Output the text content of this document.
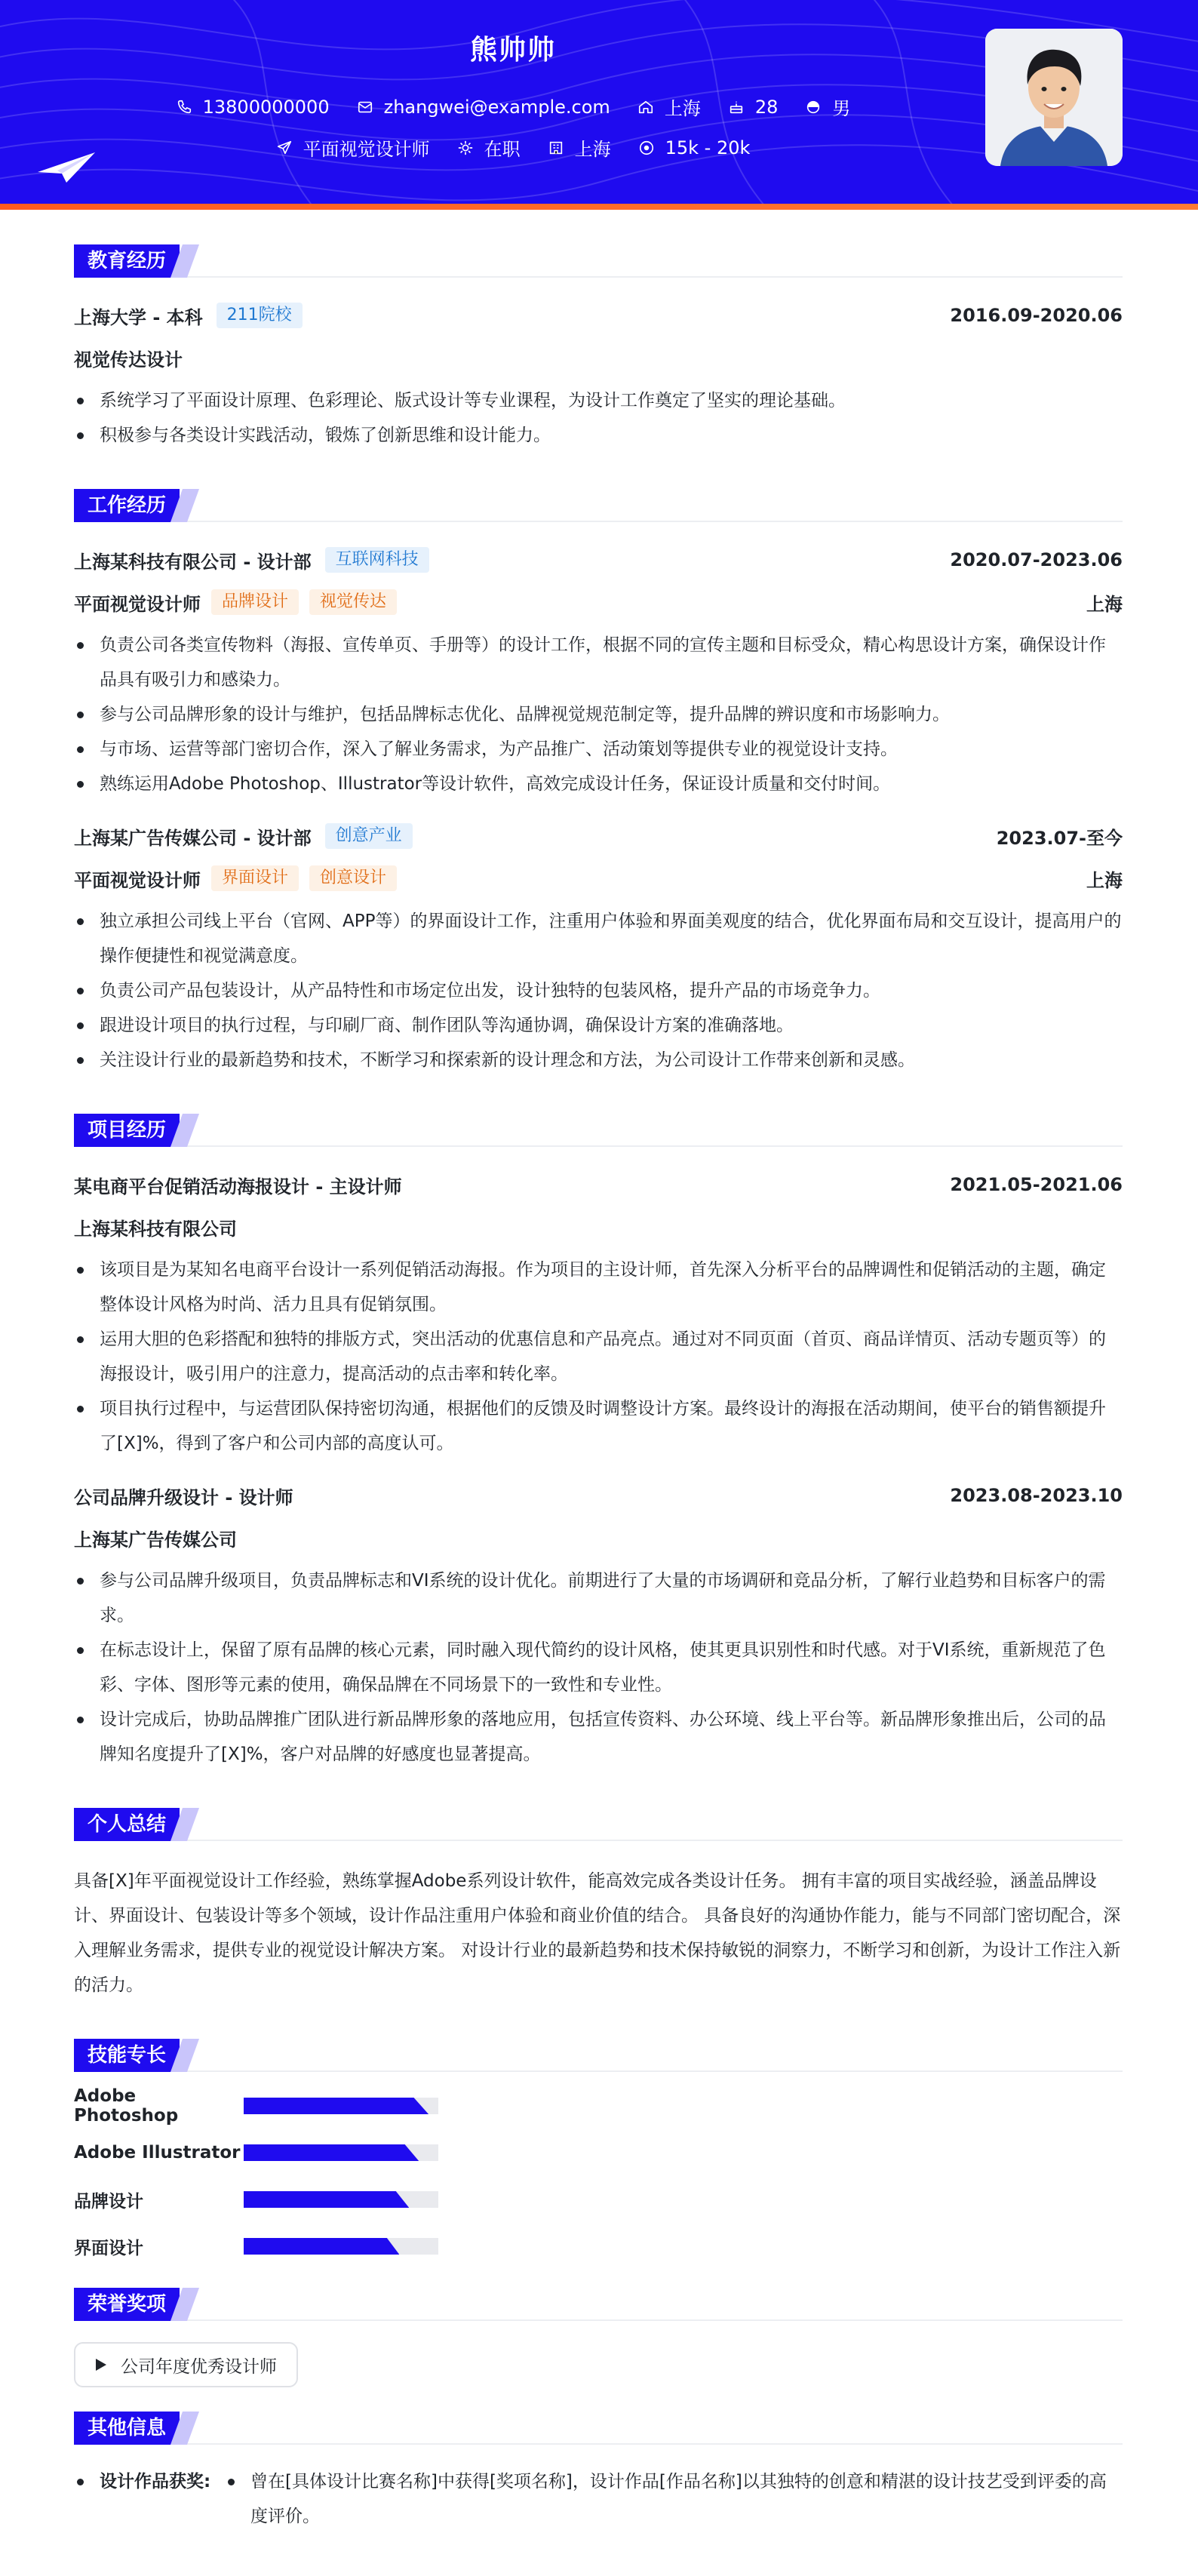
熊帅帅
13800000000	zhangwei@example.com	上海	28	男
平面视觉设计师	在职	上海	15k - 20k
教育经历
上海大学 - 本科	211院校	2016.09-2020.06
视觉传达设计
系统学习了平面设计原理、色彩理论、版式设计等专业课程，为设计工作奠定了坚实的理论基础。
积极参与各类设计实践活动，锻炼了创新思维和设计能力。
工作经历
上海某科技有限公司 - 设计部	互联网科技	2020.07-2023.06
平面视觉设计师	品牌设计	视觉传达	上海
负责公司各类宣传物料（海报、宣传单页、手册等）的设计工作，根据不同的宣传主题和目标受众，精心构思设计方案，确保设计作品具有吸引力和感染力。
参与公司品牌形象的设计与维护，包括品牌标志优化、品牌视觉规范制定等，提升品牌的辨识度和市场影响力。
与市场、运营等部门密切合作，深入了解业务需求，为产品推广、活动策划等提供专业的视觉设计支持。
熟练运用Adobe Photoshop、Illustrator等设计软件，高效完成设计任务，保证设计质量和交付时间。
上海某广告传媒公司 - 设计部	创意产业	2023.07-至今
平面视觉设计师	界面设计	创意设计	上海
独立承担公司线上平台（官网、APP等）的界面设计工作，注重用户体验和界面美观度的结合，优化界面布局和交互设计，提高用户的操作便捷性和视觉满意度。
负责公司产品包装设计，从产品特性和市场定位出发，设计独特的包装风格，提升产品的市场竞争力。
跟进设计项目的执行过程，与印刷厂商、制作团队等沟通协调，确保设计方案的准确落地。
关注设计行业的最新趋势和技术，不断学习和探索新的设计理念和方法，为公司设计工作带来创新和灵感。
项目经历
某电商平台促销活动海报设计 - 主设计师	2021.05-2021.06
上海某科技有限公司
该项目是为某知名电商平台设计一系列促销活动海报。作为项目的主设计师，首先深入分析平台的品牌调性和促销活动的主题，确定整体设计风格为时尚、活力且具有促销氛围。
运用大胆的色彩搭配和独特的排版方式，突出活动的优惠信息和产品亮点。通过对不同页面（首页、商品详情页、活动专题页等）的海报设计，吸引用户的注意力，提高活动的点击率和转化率。
项目执行过程中，与运营团队保持密切沟通，根据他们的反馈及时调整设计方案。最终设计的海报在活动期间，使平台的销售额提升了[X]%，得到了客户和公司内部的高度认可。
公司品牌升级设计 - 设计师	2023.08-2023.10
上海某广告传媒公司
参与公司品牌升级项目，负责品牌标志和VI系统的设计优化。前期进行了大量的市场调研和竞品分析，了解行业趋势和目标客户的需求。
在标志设计上，保留了原有品牌的核心元素，同时融入现代简约的设计风格，使其更具识别性和时代感。对于VI系统，重新规范了色彩、字体、图形等元素的使用，确保品牌在不同场景下的一致性和专业性。
设计完成后，协助品牌推广团队进行新品牌形象的落地应用，包括宣传资料、办公环境、线上平台等。新品牌形象推出后，公司的品牌知名度提升了[X]%，客户对品牌的好感度也显著提高。
个人总结

具备[X]年平面视觉设计工作经验，熟练掌握Adobe系列设计软件，能高效完成各类设计任务。 拥有丰富的项目实战经验，涵盖品牌设计、界面设计、包装设计等多个领域，设计作品注重用户体验和商业价值的结合。 具备良好的沟通协作能力，能与不同部门密切配合，深入理解业务需求，提供专业的视觉设计解决方案。 对设计行业的最新趋势和技术保持敏锐的洞察力，不断学习和创新，为设计工作注入新的活力。

技能专长
Adobe Photoshop
Adobe Illustrator
品牌设计
界面设计
荣誉奖项
公司年度优秀设计师
其他信息
设计作品获奖:	曾在[具体设计比赛名称]中获得[奖项名称]，设计作品[作品名称]以其独特的创意和精湛的设计技艺受到评委的高度评价。
